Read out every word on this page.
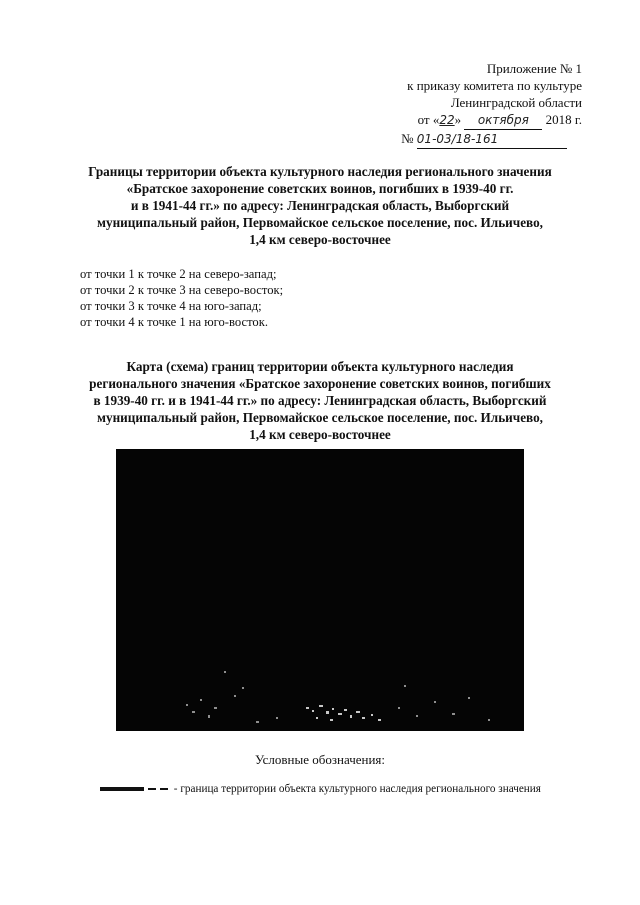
Приложение № 1
к приказу комитета по культуре
Ленинградской области
от «22» октября 2018 г.
№ 01-03/18-161
Границы территории объекта культурного наследия регионального значения
«Братское захоронение советских воинов, погибших в 1939-40 гг.
и в 1941-44 гг.» по адресу: Ленинградская область, Выборгский
муниципальный район, Первомайское сельское поселение, пос. Ильичево,
1,4 км северо-восточнее
от точки 1 к точке 2 на северо-запад;
от точки 2 к точке 3 на северо-восток;
от точки 3 к точке 4 на юго-запад;
от точки 4 к точке 1 на юго-восток.
Карта (схема) границ территории объекта культурного наследия
регионального значения «Братское захоронение советских воинов, погибших
в 1939-40 гг. и в 1941-44 гг.» по адресу: Ленинградская область, Выборгский
муниципальный район, Первомайское сельское поселение, пос. Ильичево,
1,4 км северо-восточнее
Условные обозначения:
- граница территории объекта культурного наследия регионального значения
